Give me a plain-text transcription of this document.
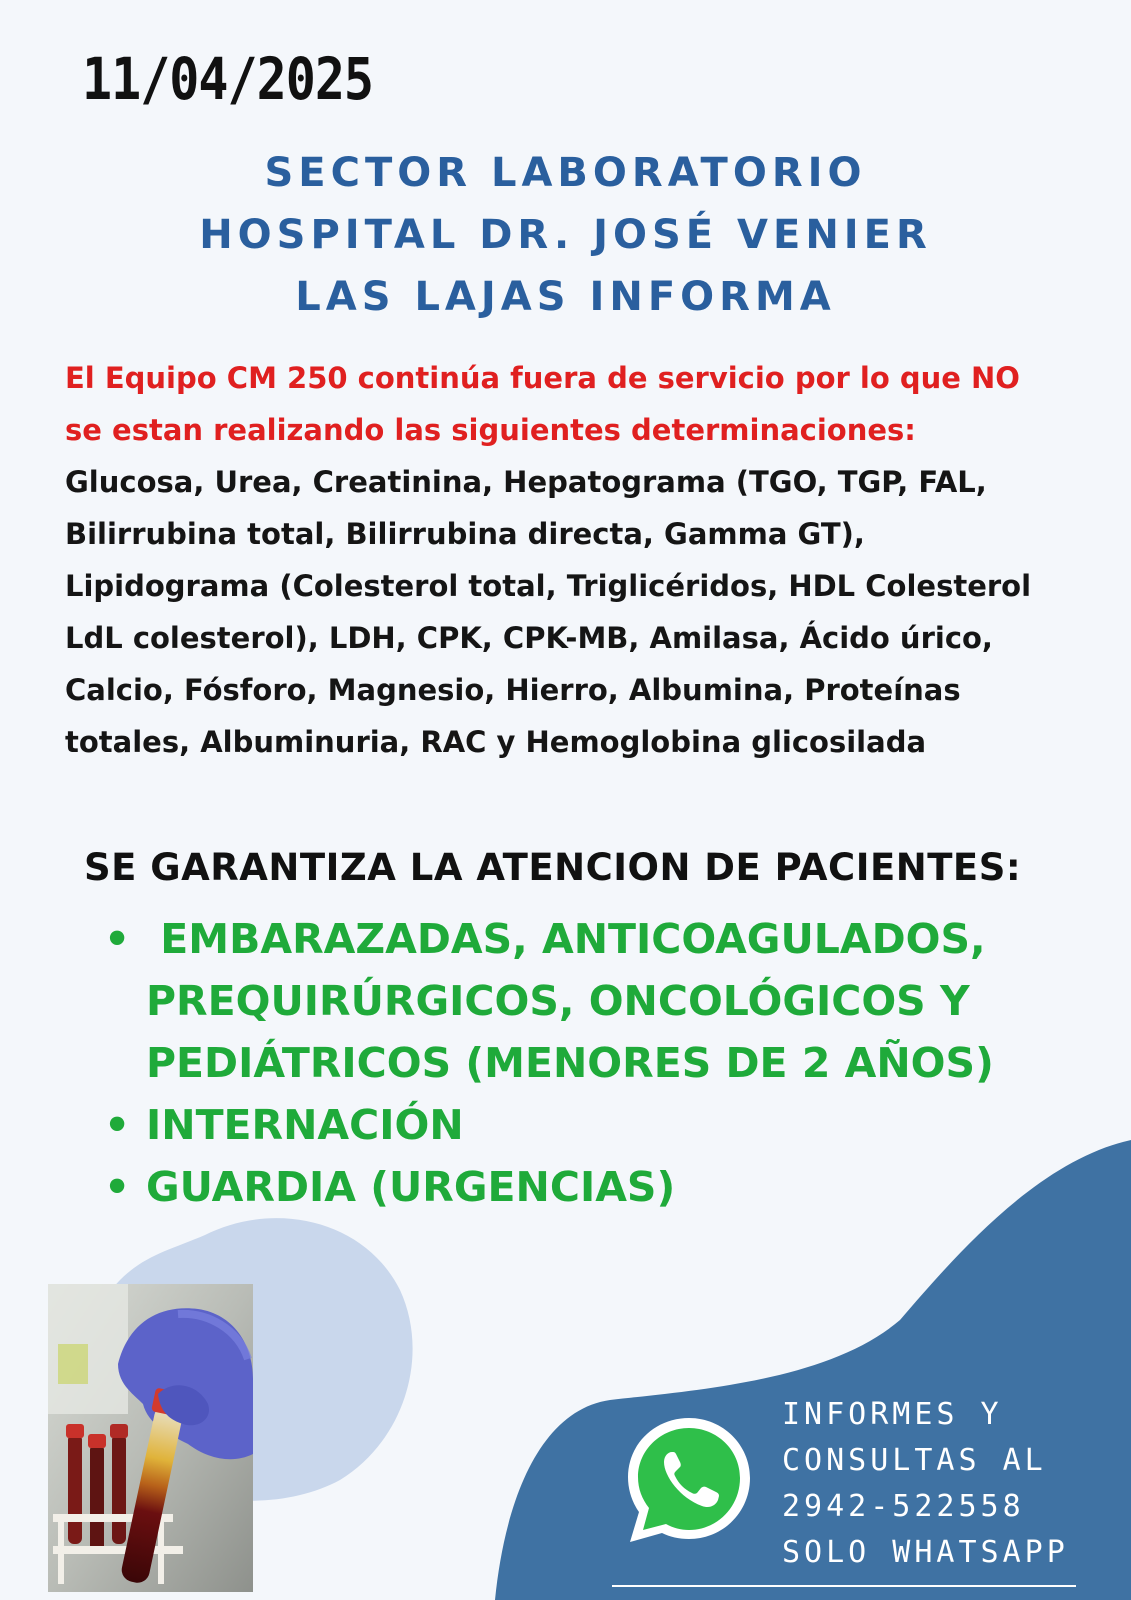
11/04/2025
SECTOR LABORATORIO
HOSPITAL DR. JOSÉ VENIER
LAS LAJAS INFORMA
El Equipo CM 250 continúa fuera de servicio por lo que NO
se estan realizando las siguientes determinaciones:
Glucosa, Urea, Creatinina, Hepatograma (TGO, TGP, FAL,
Bilirrubina total, Bilirrubina directa, Gamma GT),
Lipidograma (Colesterol total, Triglicéridos, HDL Colesterol
LdL colesterol), LDH, CPK, CPK-MB, Amilasa, Ácido úrico,
Calcio, Fósforo, Magnesio, Hierro, Albumina, Proteínas
totales, Albuminuria, RAC y Hemoglobina glicosilada
SE GARANTIZA LA ATENCION DE PACIENTES:
• EMBARAZADAS, ANTICOAGULADOS,
PREQUIRÚRGICOS, ONCOLÓGICOS Y
PEDIÁTRICOS (MENORES DE 2 AÑOS)
• INTERNACIÓN
• GUARDIA (URGENCIAS)
INFORMES Y
CONSULTAS AL
2942-522558
SOLO WHATSAPP
